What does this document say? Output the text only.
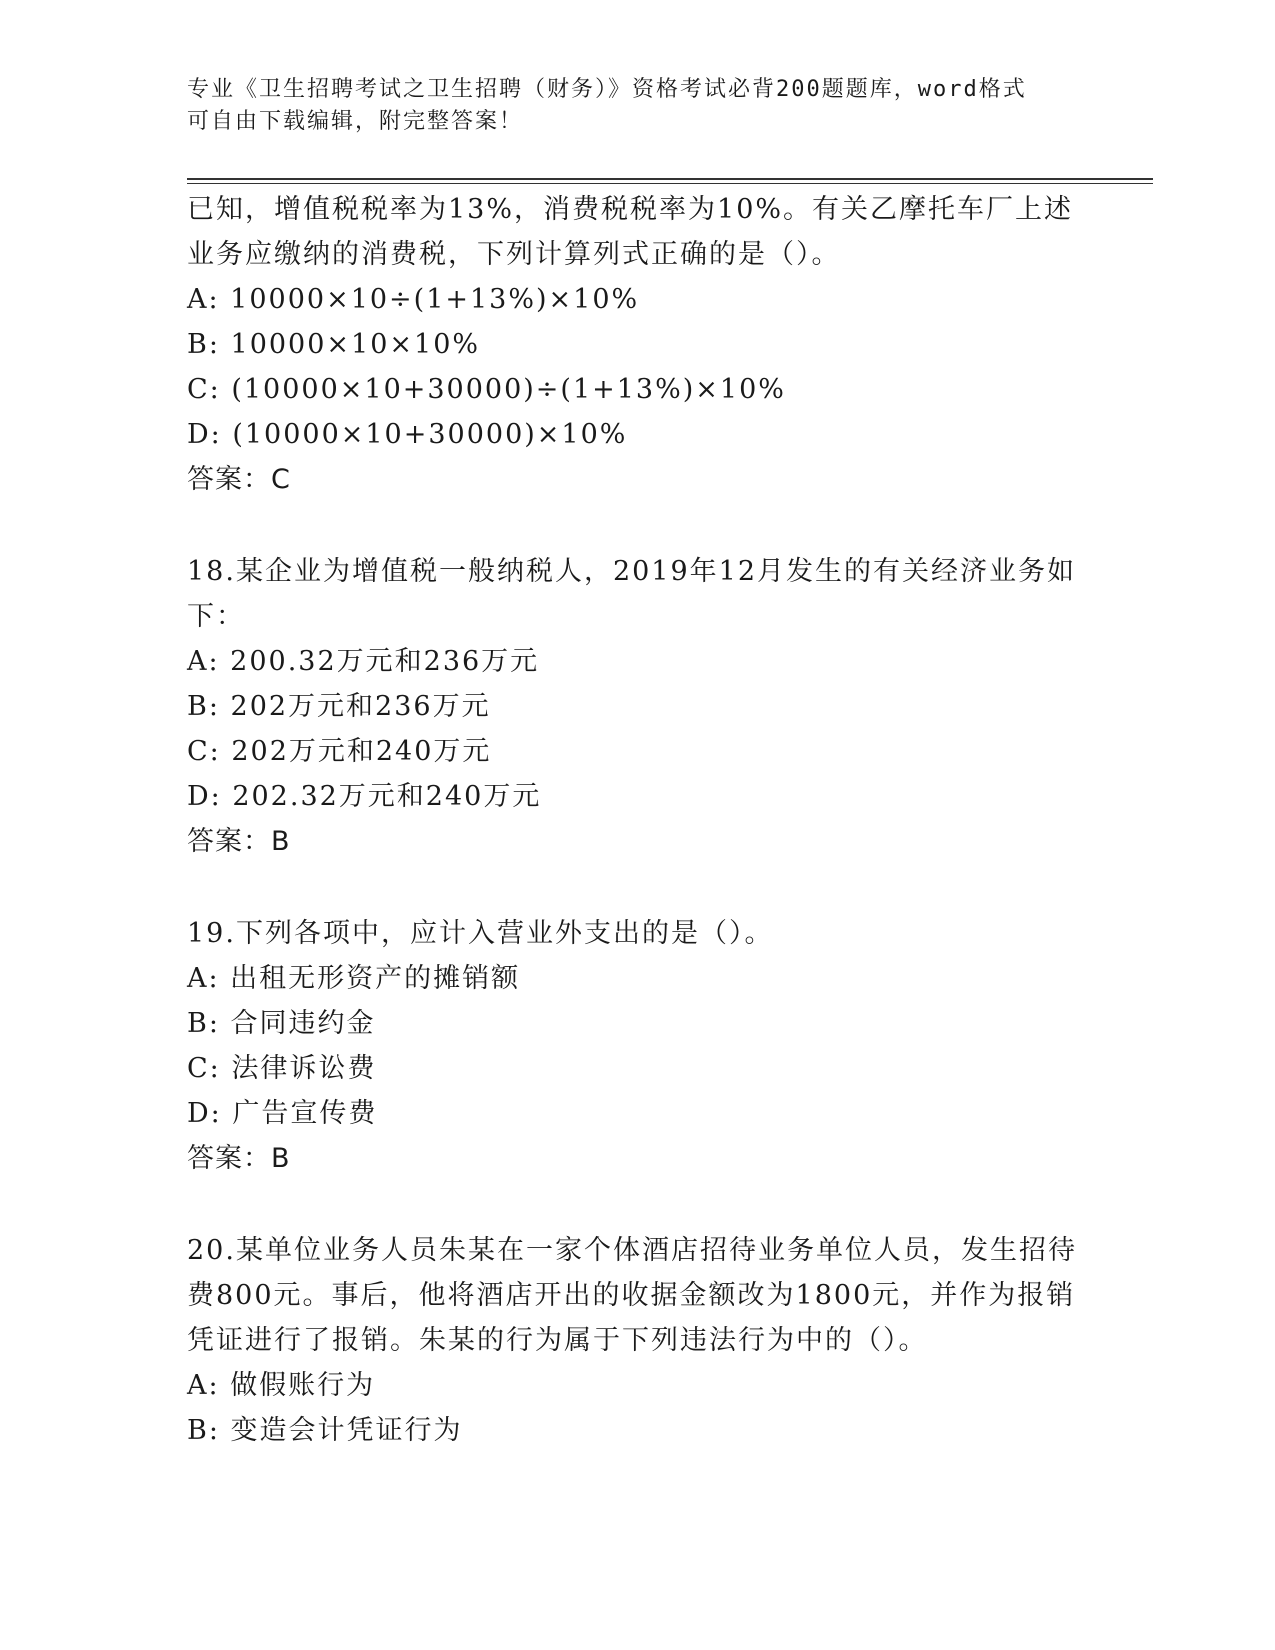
专业《卫生招聘考试之卫生招聘（财务）》资格考试必背200题题库，word格式
可自由下载编辑，附完整答案！
已知，增值税税率为13%，消费税税率为10%。有关乙摩托车厂上述
业务应缴纳的消费税，下列计算列式正确的是（）。
A: 10000×10÷(1+13%)×10%
B: 10000×10×10%
C: (10000×10+30000)÷(1+13%)×10%
D: (10000×10+30000)×10%
答案：C
18.某企业为增值税一般纳税人，2019年12月发生的有关经济业务如
下：
A: 200.32万元和236万元
B: 202万元和236万元
C: 202万元和240万元
D: 202.32万元和240万元
答案：B
19.下列各项中，应计入营业外支出的是（）。
A: 出租无形资产的摊销额
B: 合同违约金
C: 法律诉讼费
D: 广告宣传费
答案：B
20.某单位业务人员朱某在一家个体酒店招待业务单位人员，发生招待
费800元。事后，他将酒店开出的收据金额改为1800元，并作为报销
凭证进行了报销。朱某的行为属于下列违法行为中的（）。
A: 做假账行为
B: 变造会计凭证行为
